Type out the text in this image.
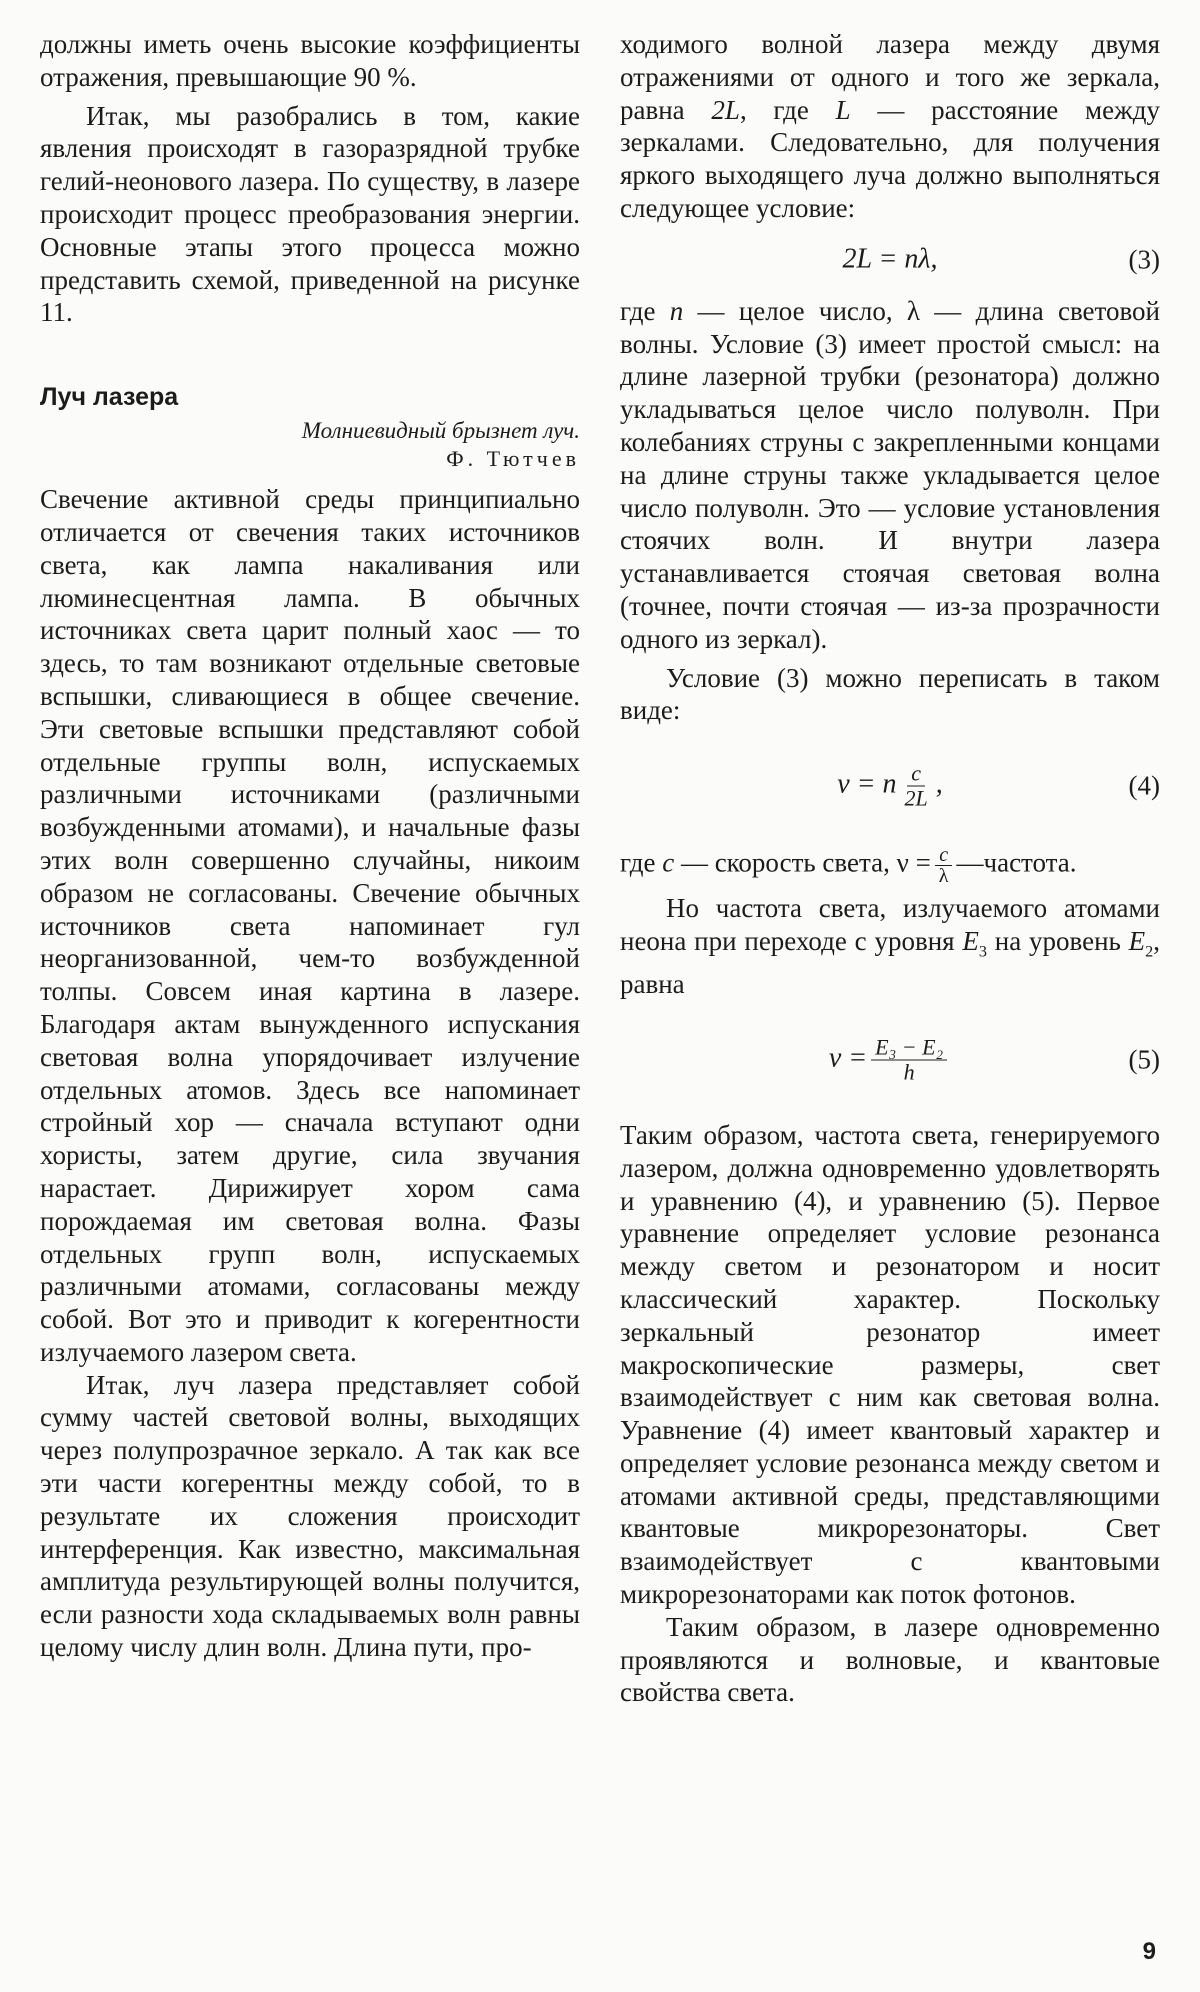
должны иметь очень высокие коэффициенты отражения, превышающие 90 %.

Итак, мы разобрались в том, какие явления происходят в газоразрядной трубке гелий-неонового лазера. По существу, в лазере происходит процесс преобразования энергии. Основные этапы этого процесса можно представить схемой, приведенной на рисунке 11.

Луч лазера
Молниевидный брызнет луч.
Ф. Тютчев

Свечение активной среды принципиально отличается от свечения таких источников света, как лампа накаливания или люминесцентная лампа. В обычных источниках света царит полный хаос — то здесь, то там возникают отдельные световые вспышки, сливающиеся в общее свечение. Эти световые вспышки представляют собой отдельные группы волн, испускаемых различными источниками (различными возбужденными атомами), и начальные фазы этих волн совершенно случайны, никоим образом не согласованы. Свечение обычных источников света напоминает гул неорганизованной, чем-то возбужденной толпы. Совсем иная картина в лазере. Благодаря актам вынужденного испускания световая волна упорядочивает излучение отдельных атомов. Здесь все напоминает стройный хор — сначала вступают одни хористы, затем другие, сила звучания нарастает. Дирижирует хором сама порождаемая им световая волна. Фазы отдельных групп волн, испускаемых различными атомами, согласованы между собой. Вот это и приводит к когерентности излучаемого лазером света.

Итак, луч лазера представляет собой сумму частей световой волны, выходящих через полупрозрачное зеркало. А так как все эти части когерентны между собой, то в результате их сложения происходит интерференция. Как известно, максимальная амплитуда результирующей волны получится, если разности хода складываемых волн равны целому числу длин волн. Длина пути, про-

ходимого волной лазера между двумя отражениями от одного и того же зеркала, равна 2L, где L — расстояние между зеркалами. Следовательно, для получения яркого выходящего луча должно выполняться следующее условие:

2L = nλ,	(3)

где n — целое число, λ — длина световой волны. Условие (3) имеет простой смысл: на длине лазерной трубки (резонатора) должно укладываться целое число полуволн. При колебаниях струны с закрепленными концами на длине струны также укладывается целое число полуволн. Это — условие установления стоячих волн. И внутри лазера устанавливается стоячая световая волна (точнее, почти стоячая — из-за прозрачности одного из зеркал).

Условие (3) можно переписать в таком виде:

ν = n $\frac{c}{2L}$ ,	(4)

где c — скорость света, $\nu = \frac{c}{\lambda}$ —частота.

Но частота света, излучаемого атомами неона при переходе с уровня $E_3$ на уровень $E_2$, равна

$\nu = \frac{\text{E₃ − E₂}}{h}$	(5)

Таким образом, частота света, генерируемого лазером, должна одновременно удовлетворять и уравнению (4), и уравнению (5). Первое уравнение определяет условие резонанса между светом и резонатором и носит классический характер. Поскольку зеркальный резонатор имеет макроскопические размеры, свет взаимодействует с ним как световая волна. Уравнение (4) имеет квантовый характер и определяет условие резонанса между светом и атомами активной среды, представляющими квантовые микрорезонаторы. Свет взаимодействует с квантовыми микрорезонаторами как поток фотонов.

Таким образом, в лазере одновременно проявляются и волновые, и квантовые свойства света.

9
